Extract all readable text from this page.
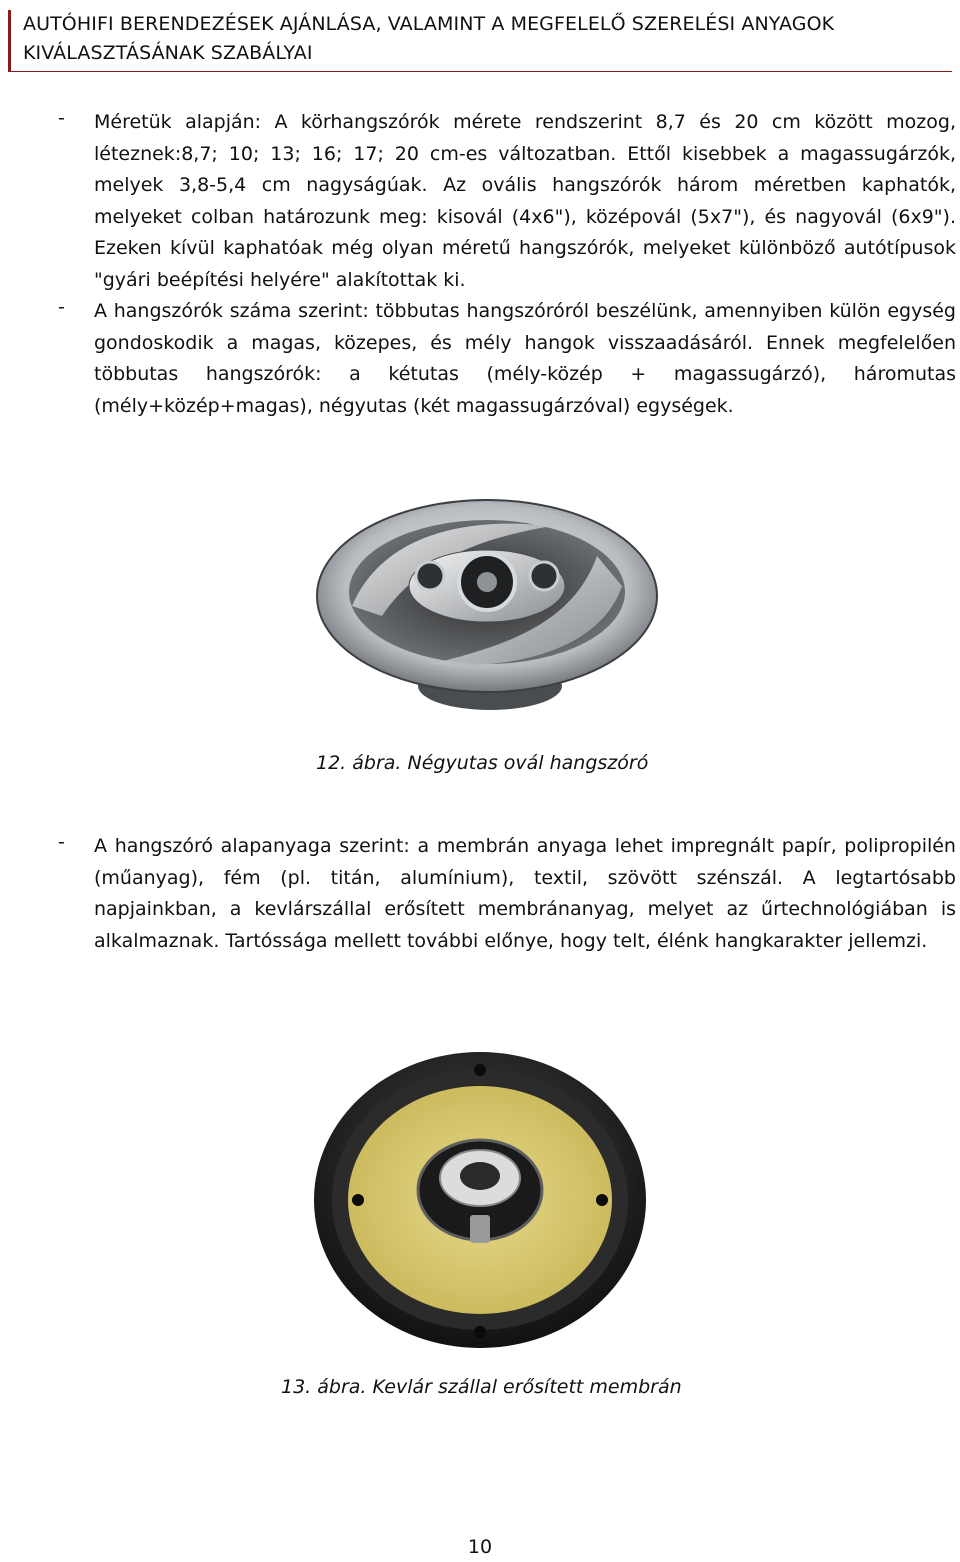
AUTÓHIFI BERENDEZÉSEK AJÁNLÁSA, VALAMINT A MEGFELELŐ SZERELÉSI ANYAGOK
KIVÁLASZTÁSÁNAK SZABÁLYAI
- Méretük alapján: A körhangszórók mérete rendszerint 8,7 és 20 cm között mozog, léteznek:8,7; 10; 13; 16; 17; 20 cm-es változatban. Ettől kisebbek a magassugárzók, melyek 3,8-5,4 cm nagyságúak. Az ovális hangszórók három méretben kaphatók, melyeket colban határozunk meg: kisovál (4x6"), középovál (5x7"), és nagyovál (6x9"). Ezeken kívül kaphatóak még olyan méretű hangszórók, melyeket különböző autótípusok "gyári beépítési helyére" alakítottak ki.
- A hangszórók száma szerint: többutas hangszóróról beszélünk, amennyiben külön egység gondoskodik a magas, közepes, és mély hangok visszaadásáról. Ennek megfelelően többutas hangszórók: a kétutas (mély-közép + magassugárzó), háromutas (mély+közép+magas), négyutas (két magassugárzóval) egységek.
12. ábra. Négyutas ovál hangszóró
- A hangszóró alapanyaga szerint: a membrán anyaga lehet impregnált papír, polipropilén (műanyag), fém (pl. titán, alumínium), textil, szövött szénszál. A legtartósabb napjainkban, a kevlárszállal erősített membránanyag, melyet az űrtechnológiában is alkalmaznak. Tartóssága mellett további előnye, hogy telt, élénk hangkarakter jellemzi.
13. ábra. Kevlár szállal erősített membrán
10
